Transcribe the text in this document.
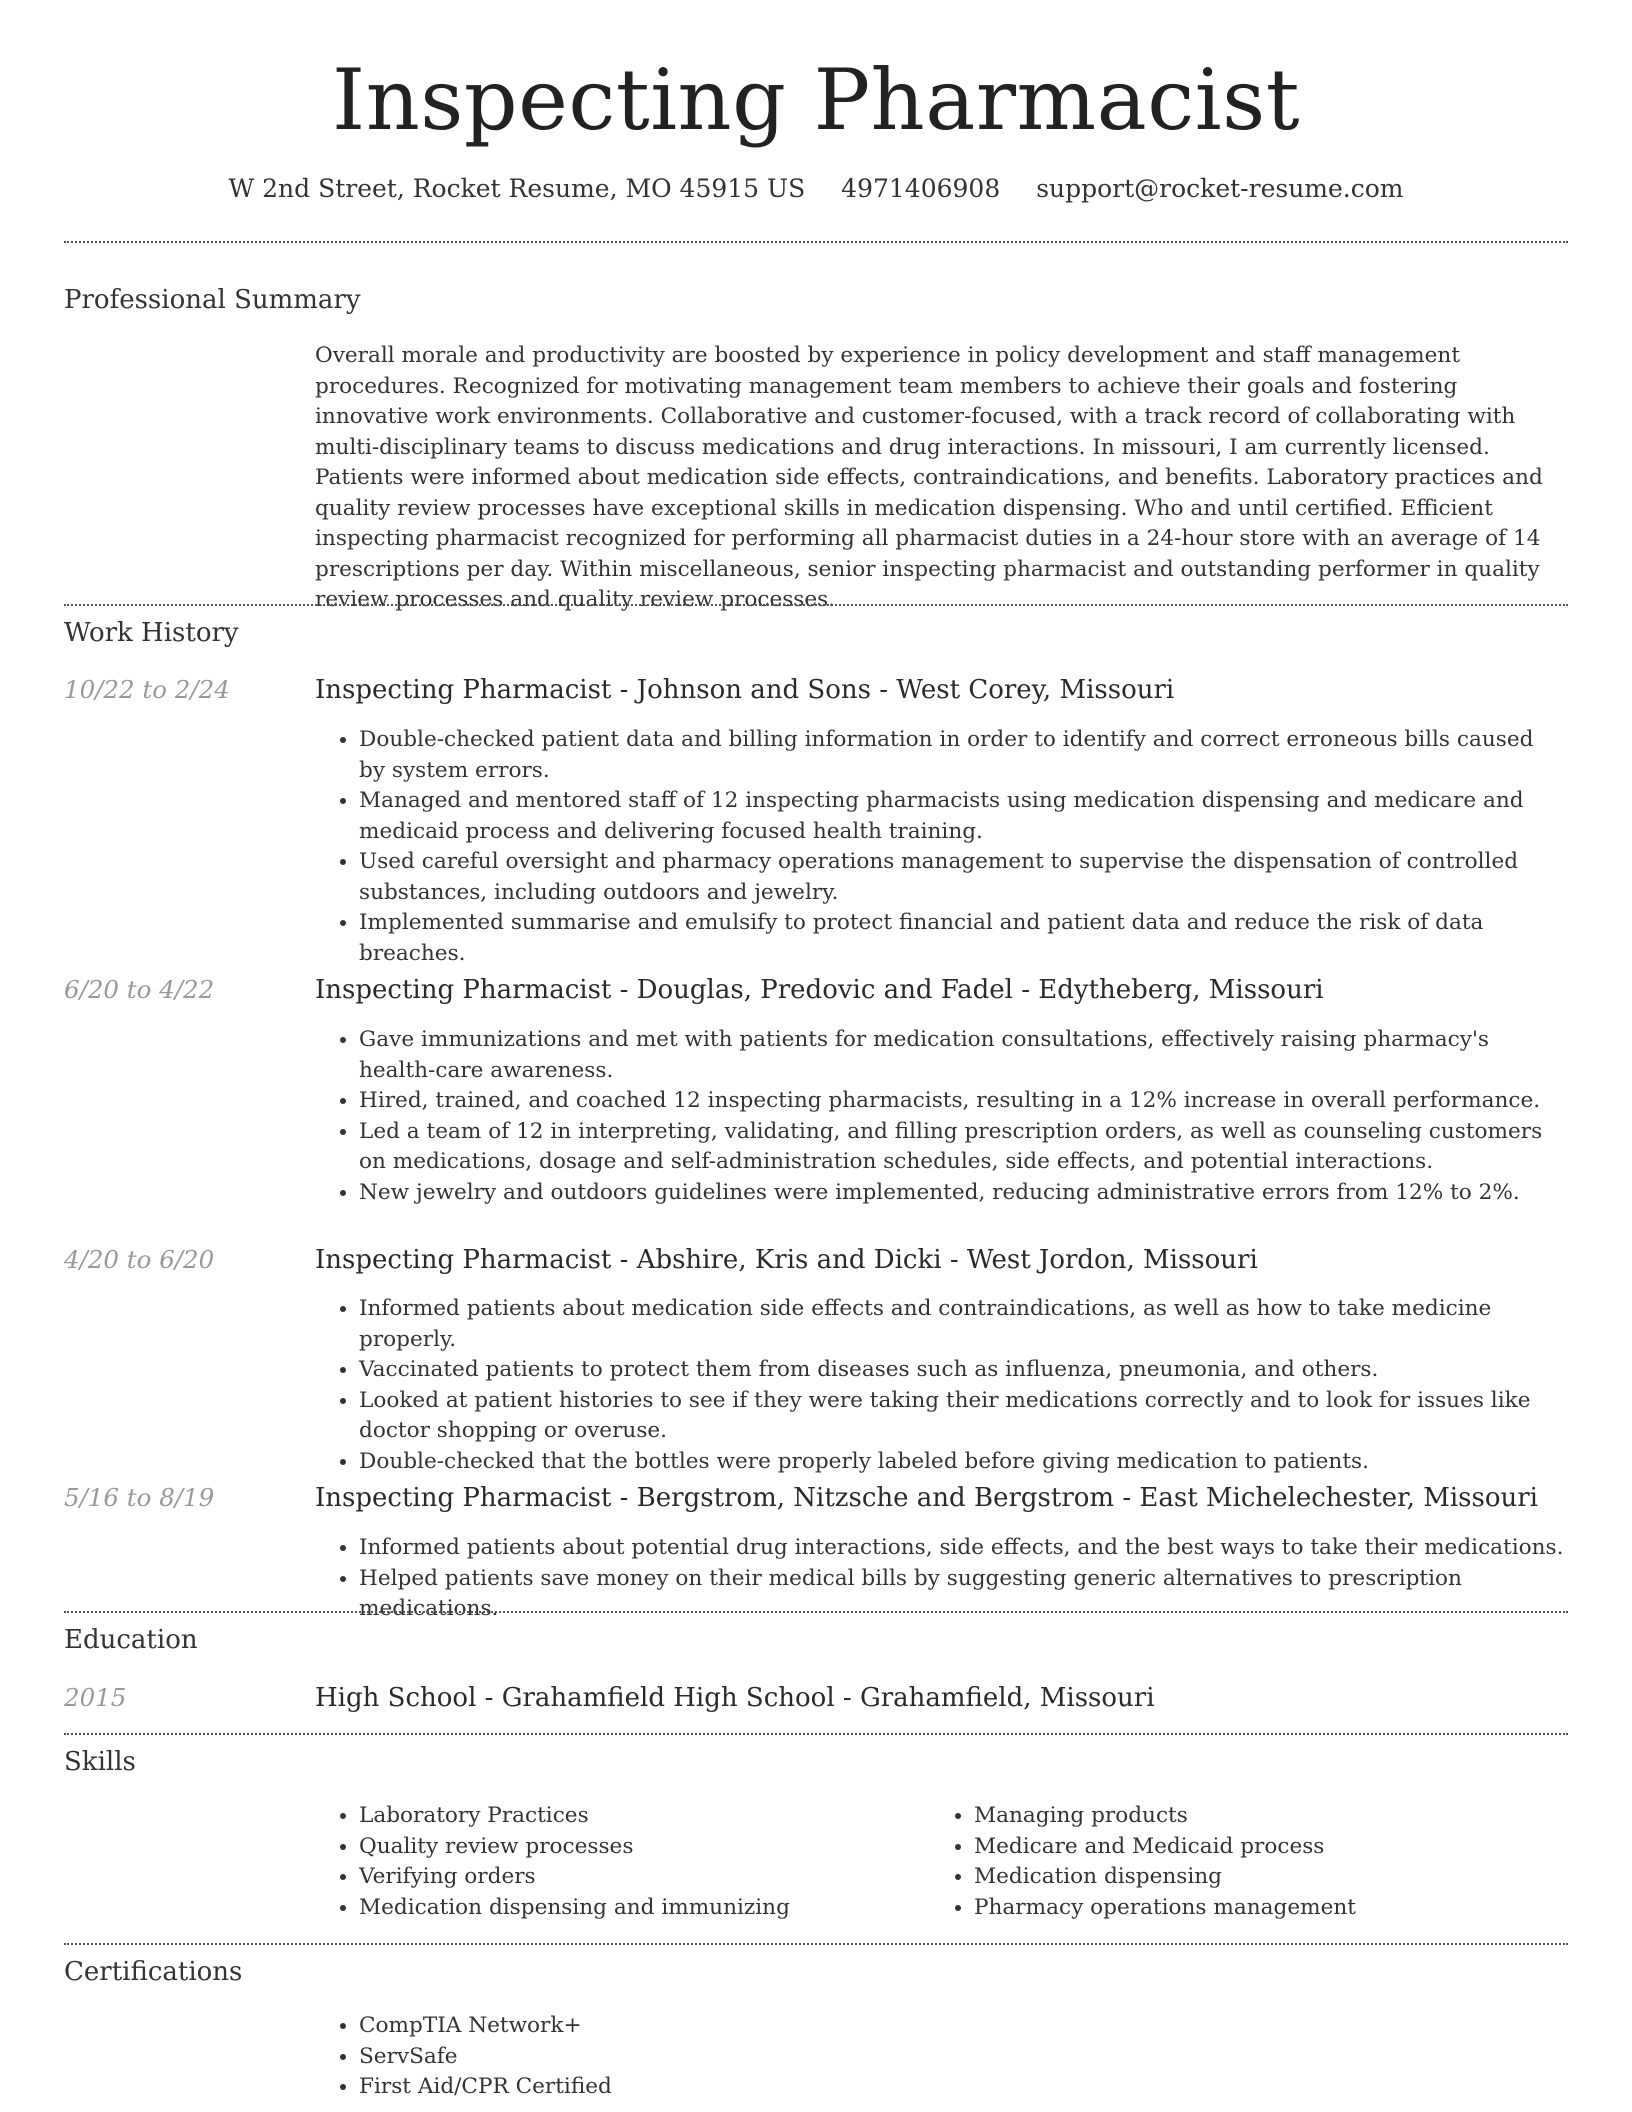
Inspecting Pharmacist
W 2nd Street, Rocket Resume, MO 45915 US 4971406908 support@rocket-resume.com
Professional Summary
Overall morale and productivity are boosted by experience in policy development and staff management procedures. Recognized for motivating management team members to achieve their goals and fostering innovative work environments. Collaborative and customer-focused, with a track record of collaborating with multi-disciplinary teams to discuss medications and drug interactions. In missouri, I am currently licensed. Patients were informed about medication side effects, contraindications, and benefits. Laboratory practices and quality review processes have exceptional skills in medication dispensing. Who and until certified. Efficient inspecting pharmacist recognized for performing all pharmacist duties in a 24-hour store with an average of 14 prescriptions per day. Within miscellaneous, senior inspecting pharmacist and outstanding performer in quality review processes and quality review processes.
Work History
10/22 to 2/24	Inspecting Pharmacist - Johnson and Sons - West Corey, Missouri
• Double-checked patient data and billing information in order to identify and correct erroneous bills caused by system errors.
• Managed and mentored staff of 12 inspecting pharmacists using medication dispensing and medicare and medicaid process and delivering focused health training.
• Used careful oversight and pharmacy operations management to supervise the dispensation of controlled substances, including outdoors and jewelry.
• Implemented summarise and emulsify to protect financial and patient data and reduce the risk of data breaches.
6/20 to 4/22	Inspecting Pharmacist - Douglas, Predovic and Fadel - Edytheberg, Missouri
• Gave immunizations and met with patients for medication consultations, effectively raising pharmacy's health-care awareness.
• Hired, trained, and coached 12 inspecting pharmacists, resulting in a 12% increase in overall performance.
• Led a team of 12 in interpreting, validating, and filling prescription orders, as well as counseling customers on medications, dosage and self-administration schedules, side effects, and potential interactions.
• New jewelry and outdoors guidelines were implemented, reducing administrative errors from 12% to 2%.
4/20 to 6/20	Inspecting Pharmacist - Abshire, Kris and Dicki - West Jordon, Missouri
• Informed patients about medication side effects and contraindications, as well as how to take medicine properly.
• Vaccinated patients to protect them from diseases such as influenza, pneumonia, and others.
• Looked at patient histories to see if they were taking their medications correctly and to look for issues like doctor shopping or overuse.
• Double-checked that the bottles were properly labeled before giving medication to patients.
5/16 to 8/19	Inspecting Pharmacist - Bergstrom, Nitzsche and Bergstrom - East Michelechester, Missouri
• Informed patients about potential drug interactions, side effects, and the best ways to take their medications.
• Helped patients save money on their medical bills by suggesting generic alternatives to prescription medications.
Education
2015	High School - Grahamfield High School - Grahamfield, Missouri
Skills
• Laboratory Practices
• Quality review processes
• Verifying orders
• Medication dispensing and immunizing
• Managing products
• Medicare and Medicaid process
• Medication dispensing
• Pharmacy operations management
Certifications
• CompTIA Network+
• ServSafe
• First Aid/CPR Certified
